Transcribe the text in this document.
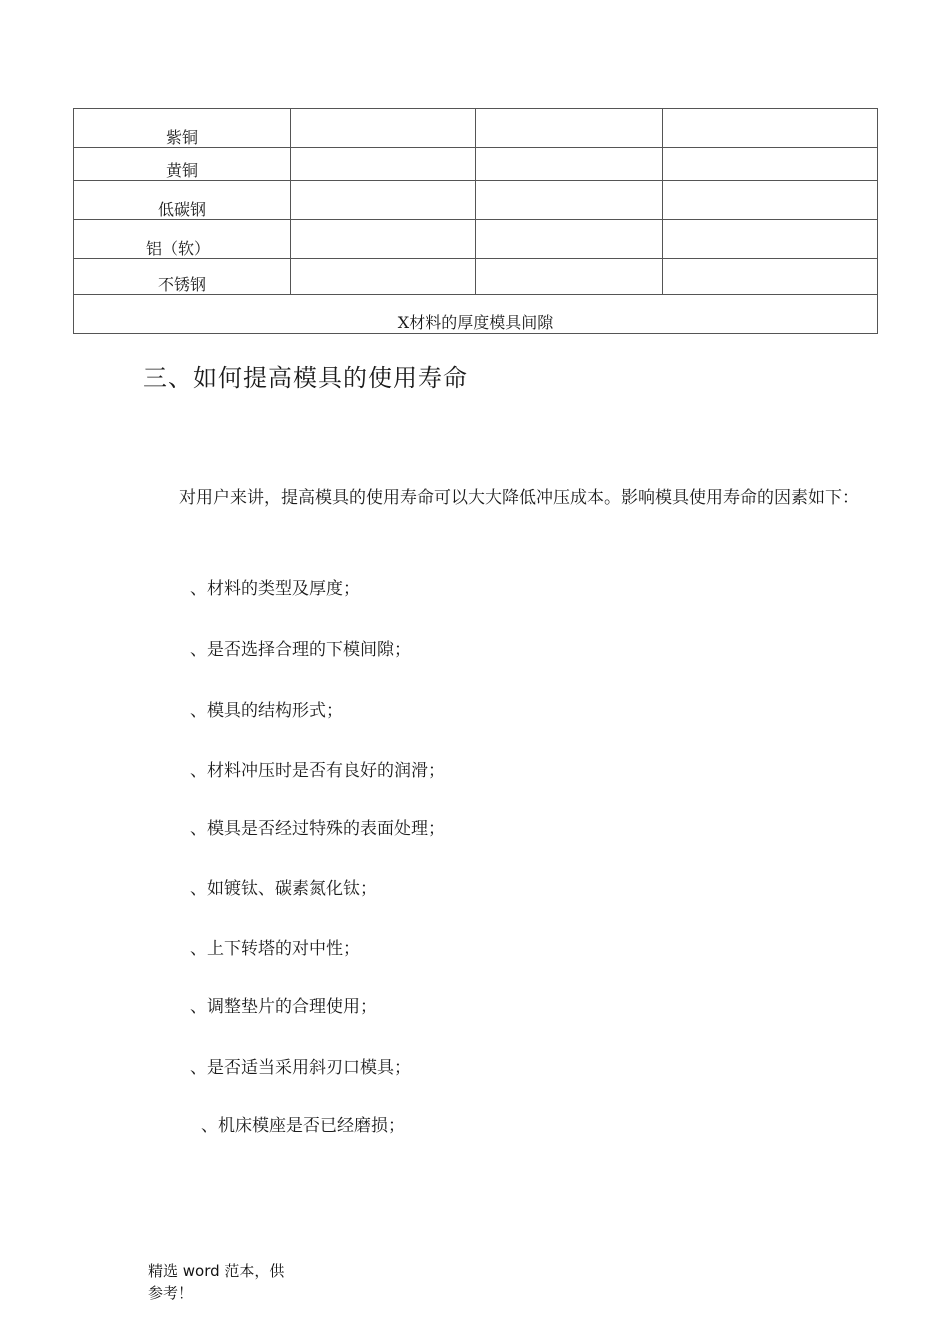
紫铜			
黄铜			
低碳钢			
铝（软）			
不锈钢			
X材料的厚度模具间隙			
三、如何提高模具的使用寿命

对用户来讲，提高模具的使用寿命可以大大降低冲压成本。影响模具使用寿命的因素如下：

、材料的类型及厚度；

、是否选择合理的下模间隙；

、模具的结构形式；

、材料冲压时是否有良好的润滑；

、模具是否经过特殊的表面处理；

、如镀钛、碳素氮化钛；

、上下转塔的对中性；

、调整垫片的合理使用；

、是否适当采用斜刃口模具；

、机床模座是否已经磨损；

精选 word 范本，供
参考！
